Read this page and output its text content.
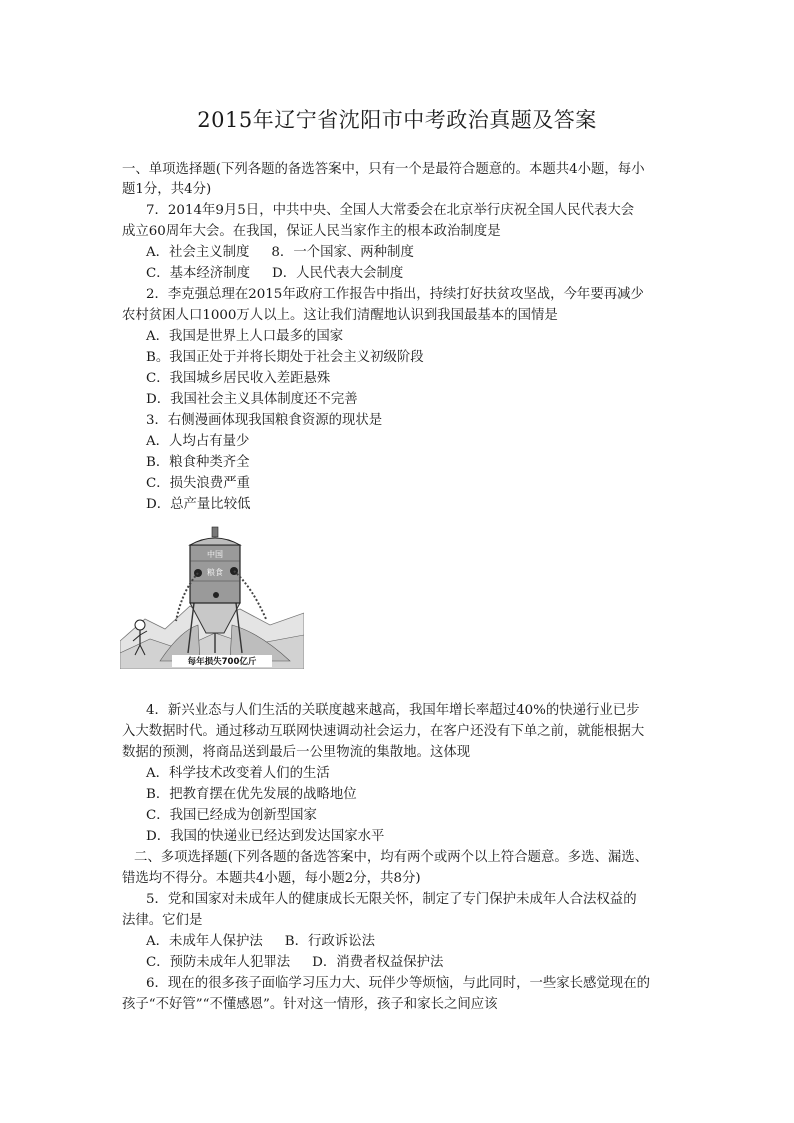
2015年辽宁省沈阳市中考政治真题及答案
一、单项选择题(下列各题的备选答案中，只有一个是最符合题意的。本题共4小题，每小
题1分，共4分)
7．2014年9月5日，中共中央、全国人大常委会在北京举行庆祝全国人民代表大会
成立60周年大会。在我国，保证人民当家作主的根本政治制度是
A．社会主义制度 8．一个国家、两种制度
C．基本经济制度 D．人民代表大会制度
2．李克强总理在2015年政府工作报告中指出，持续打好扶贫攻坚战，今年要再减少
农村贫困人口1000万人以上。这让我们清醒地认识到我国最基本的国情是
A．我国是世界上人口最多的国家
B。我国正处于并将长期处于社会主义初级阶段
C．我国城乡居民收入差距悬殊
D．我国社会主义具体制度还不完善
3．右侧漫画体现我国粮食资源的现状是
A．人均占有量少
B．粮食种类齐全
C．损失浪费严重
D．总产量比较低
中国
粮食
每年损失700亿斤
4．新兴业态与人们生活的关联度越来越高，我国年增长率超过40%的快递行业已步
入大数据时代。通过移动互联网快速调动社会运力，在客户还没有下单之前，就能根据大
数据的预测，将商品送到最后一公里物流的集散地。这体现
A．科学技术改变着人们的生活
B．把教育摆在优先发展的战略地位
C．我国已经成为创新型国家
D．我国的快递业已经达到发达国家水平
二、多项选择题(下列各题的备选答案中，均有两个或两个以上符合题意。多选、漏选、
错选均不得分。本题共4小题，每小题2分，共8分)
5．党和国家对未成年人的健康成长无限关怀，制定了专门保护未成年人合法权益的
法律。它们是
A．未成年人保护法 B．行政诉讼法
C．预防未成年人犯罪法 D．消费者权益保护法
6．现在的很多孩子面临学习压力大、玩伴少等烦恼，与此同时，一些家长感觉现在的
孩子“不好管”“不懂感恩”。针对这一情形，孩子和家长之间应该
